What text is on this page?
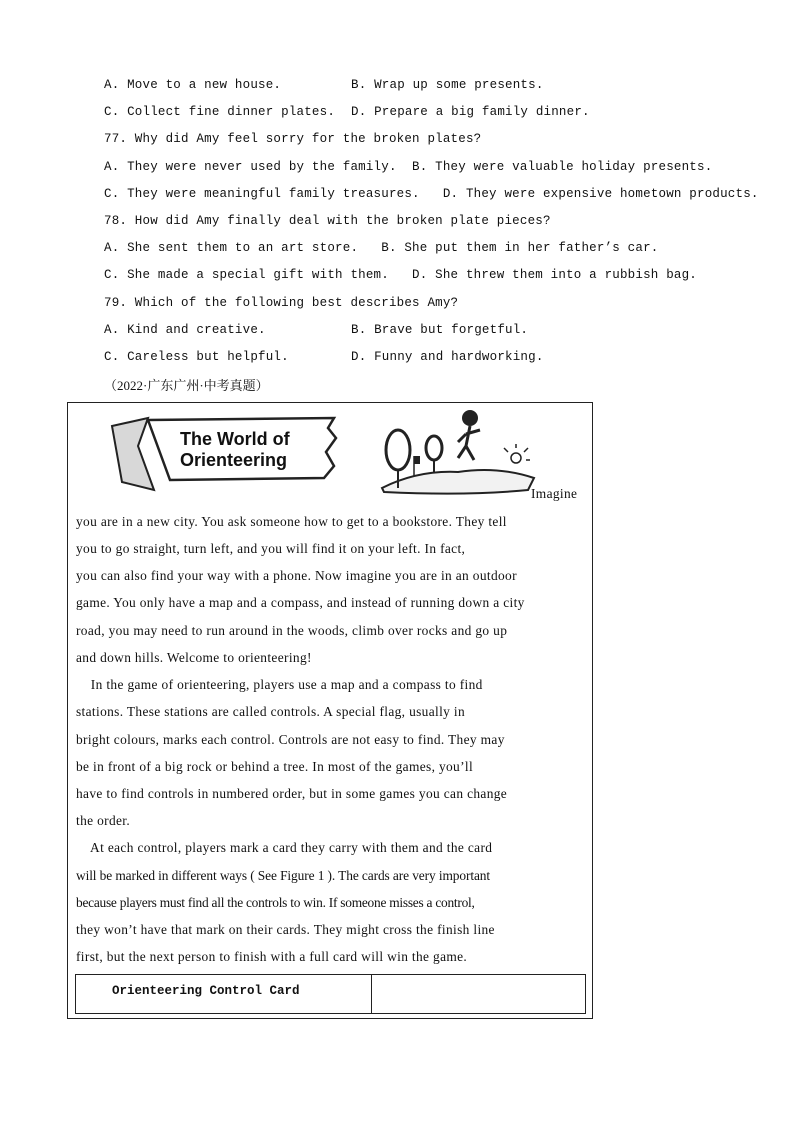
A. Move to a new house.	B. Wrap up some presents.
C. Collect fine dinner plates. D. Prepare a big family dinner.
77. Why did Amy feel sorry for the broken plates?
A. They were never used by the family.  B. They were valuable holiday presents.
C. They were meaningful family treasures.   D. They were expensive hometown products.
78. How did Amy finally deal with the broken plate pieces?
A. She sent them to an art store.   B. She put them in her father’s car.
C. She made a special gift with them.   D. She threw them into a rubbish bag.
79. Which of the following best describes Amy?
A. Kind and creative.	B. Brave but forgetful.
C. Careless but helpful.	D. Funny and hardworking.
（2022·广东广州·中考真题）
The World of
Orienteering
Imagine
you are in a new city. You ask someone how to get to a bookstore. They tell
you to go straight, turn left, and you will find it on your left. In fact,
you can also find your way with a phone. Now imagine you are in an outdoor
game. You only have a map and a compass, and instead of running down a city
road, you may need to run around in the woods, climb over rocks and go up
and down hills. Welcome to orienteering!
In the game of orienteering, players use a map and a compass to find
stations. These stations are called controls. A special flag, usually in
bright colours, marks each control. Controls are not easy to find. They may
be in front of a big rock or behind a tree. In most of the games, you’ll
have to find controls in numbered order, but in some games you can change
the order.
At each control, players mark a card they carry with them and the card
will be marked in different ways ( See Figure 1 ). The cards are very important
because players must find all the controls to win. If someone misses a control,
they won’t have that mark on their cards. They might cross the finish line
first, but the next person to finish with a full card will win the game.
Orienteering Control Card
